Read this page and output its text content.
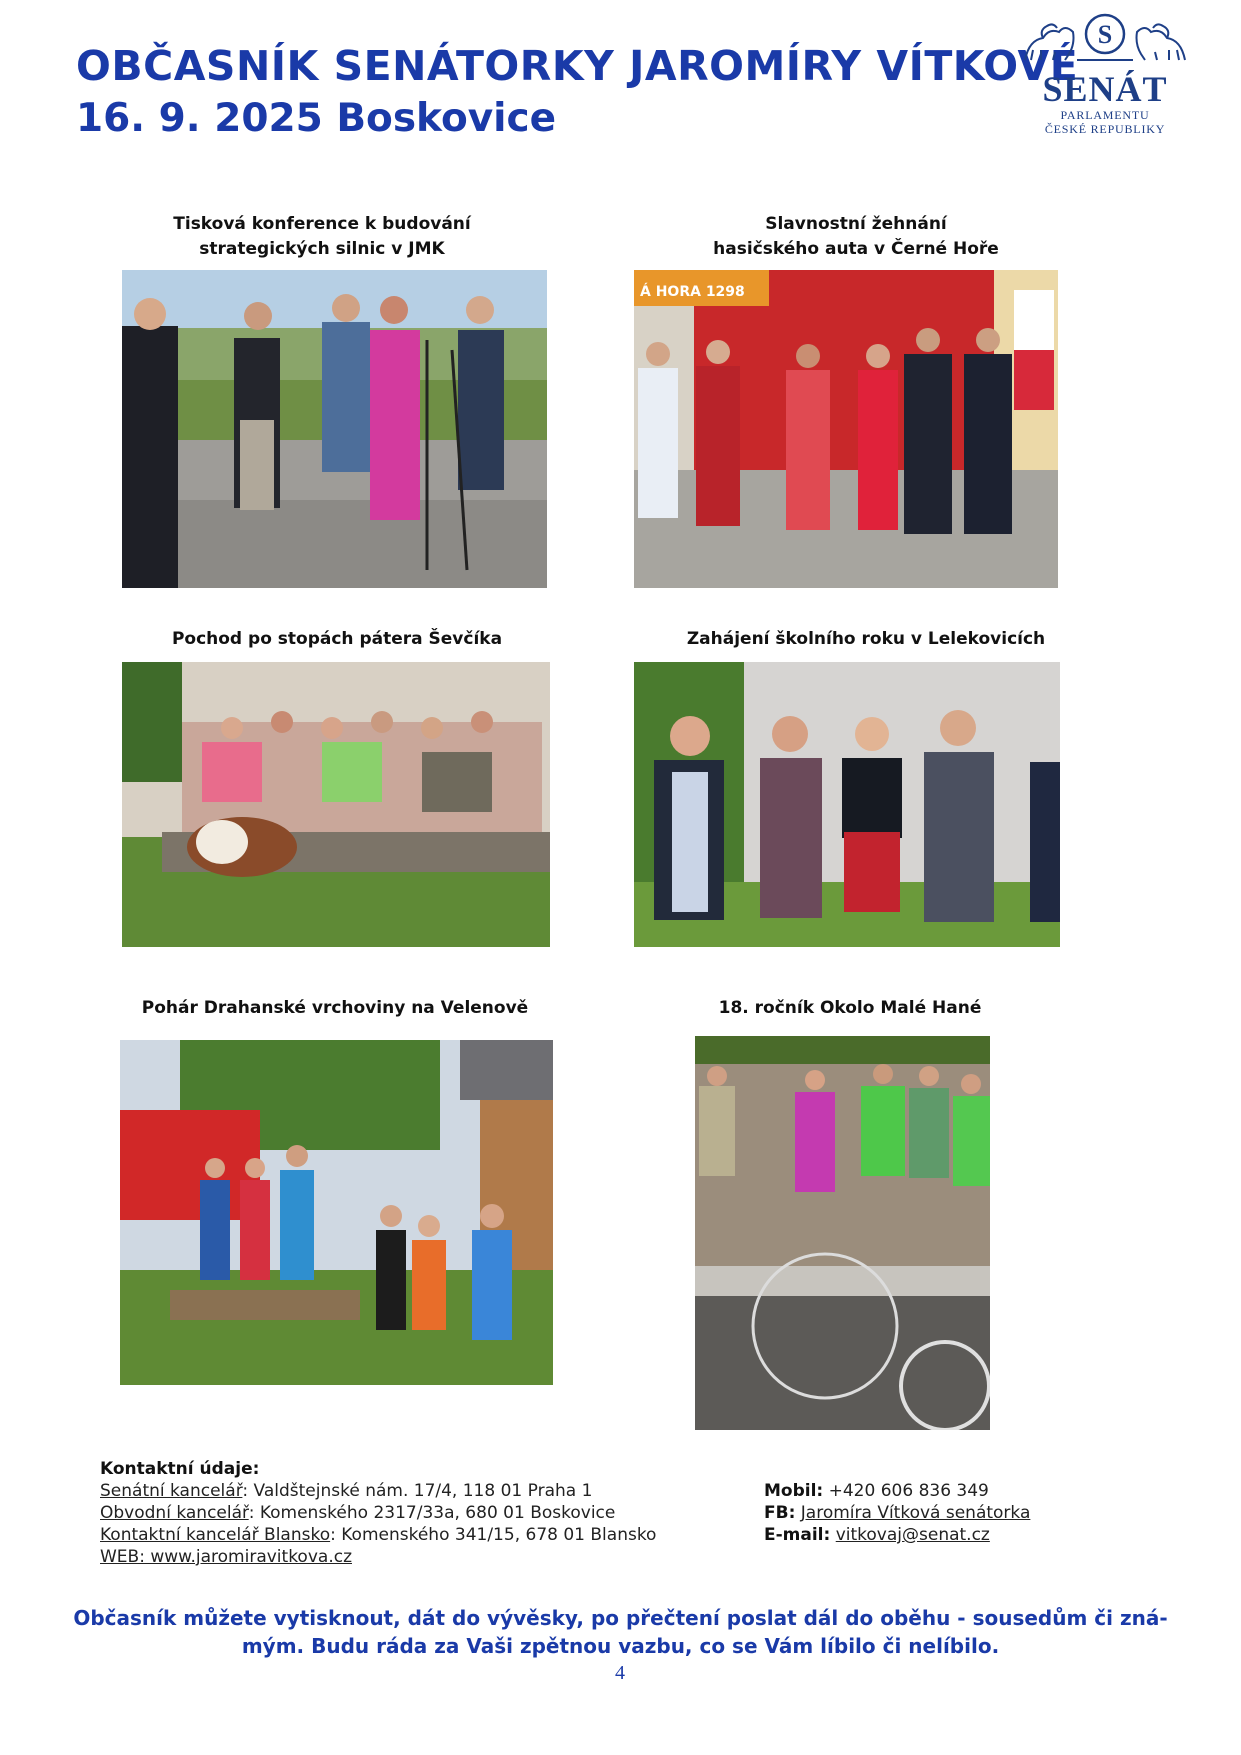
OBČASNÍK SENÁTORKY JAROMÍRY VÍTKOVÉ
16. 9. 2025 Boskovice
S
SENÁT
PARLAMENTU
ČESKÉ REPUBLIKY
Tisková konference k budování
strategických silnic v JMK
Slavnostní žehnání
hasičského auta v Černé Hoře
Á HORA 1298
Pochod po stopách pátera Ševčíka	Zahájení školního roku v Lelekovicích
Pohár Drahanské vrchoviny na Velenově	18. ročník Okolo Malé Hané
Kontaktní údaje:
Senátní kancelář: Valdštejnské nám. 17/4, 118 01 Praha 1
Obvodní kancelář: Komenského 2317/33a, 680 01 Boskovice
Kontaktní kancelář Blansko: Komenského 341/15, 678 01 Blansko
WEB: www.jaromiravitkova.cz
Mobil: +420 606 836 349
FB: Jaromíra Vítková senátorka
E-mail: vitkovaj@senat.cz
Občasník můžete vytisknout, dát do vývěsky, po přečtení poslat dál do oběhu - sousedům či zná-
mým. Budu ráda za Vaši zpětnou vazbu, co se Vám líbilo či nelíbilo.
4
